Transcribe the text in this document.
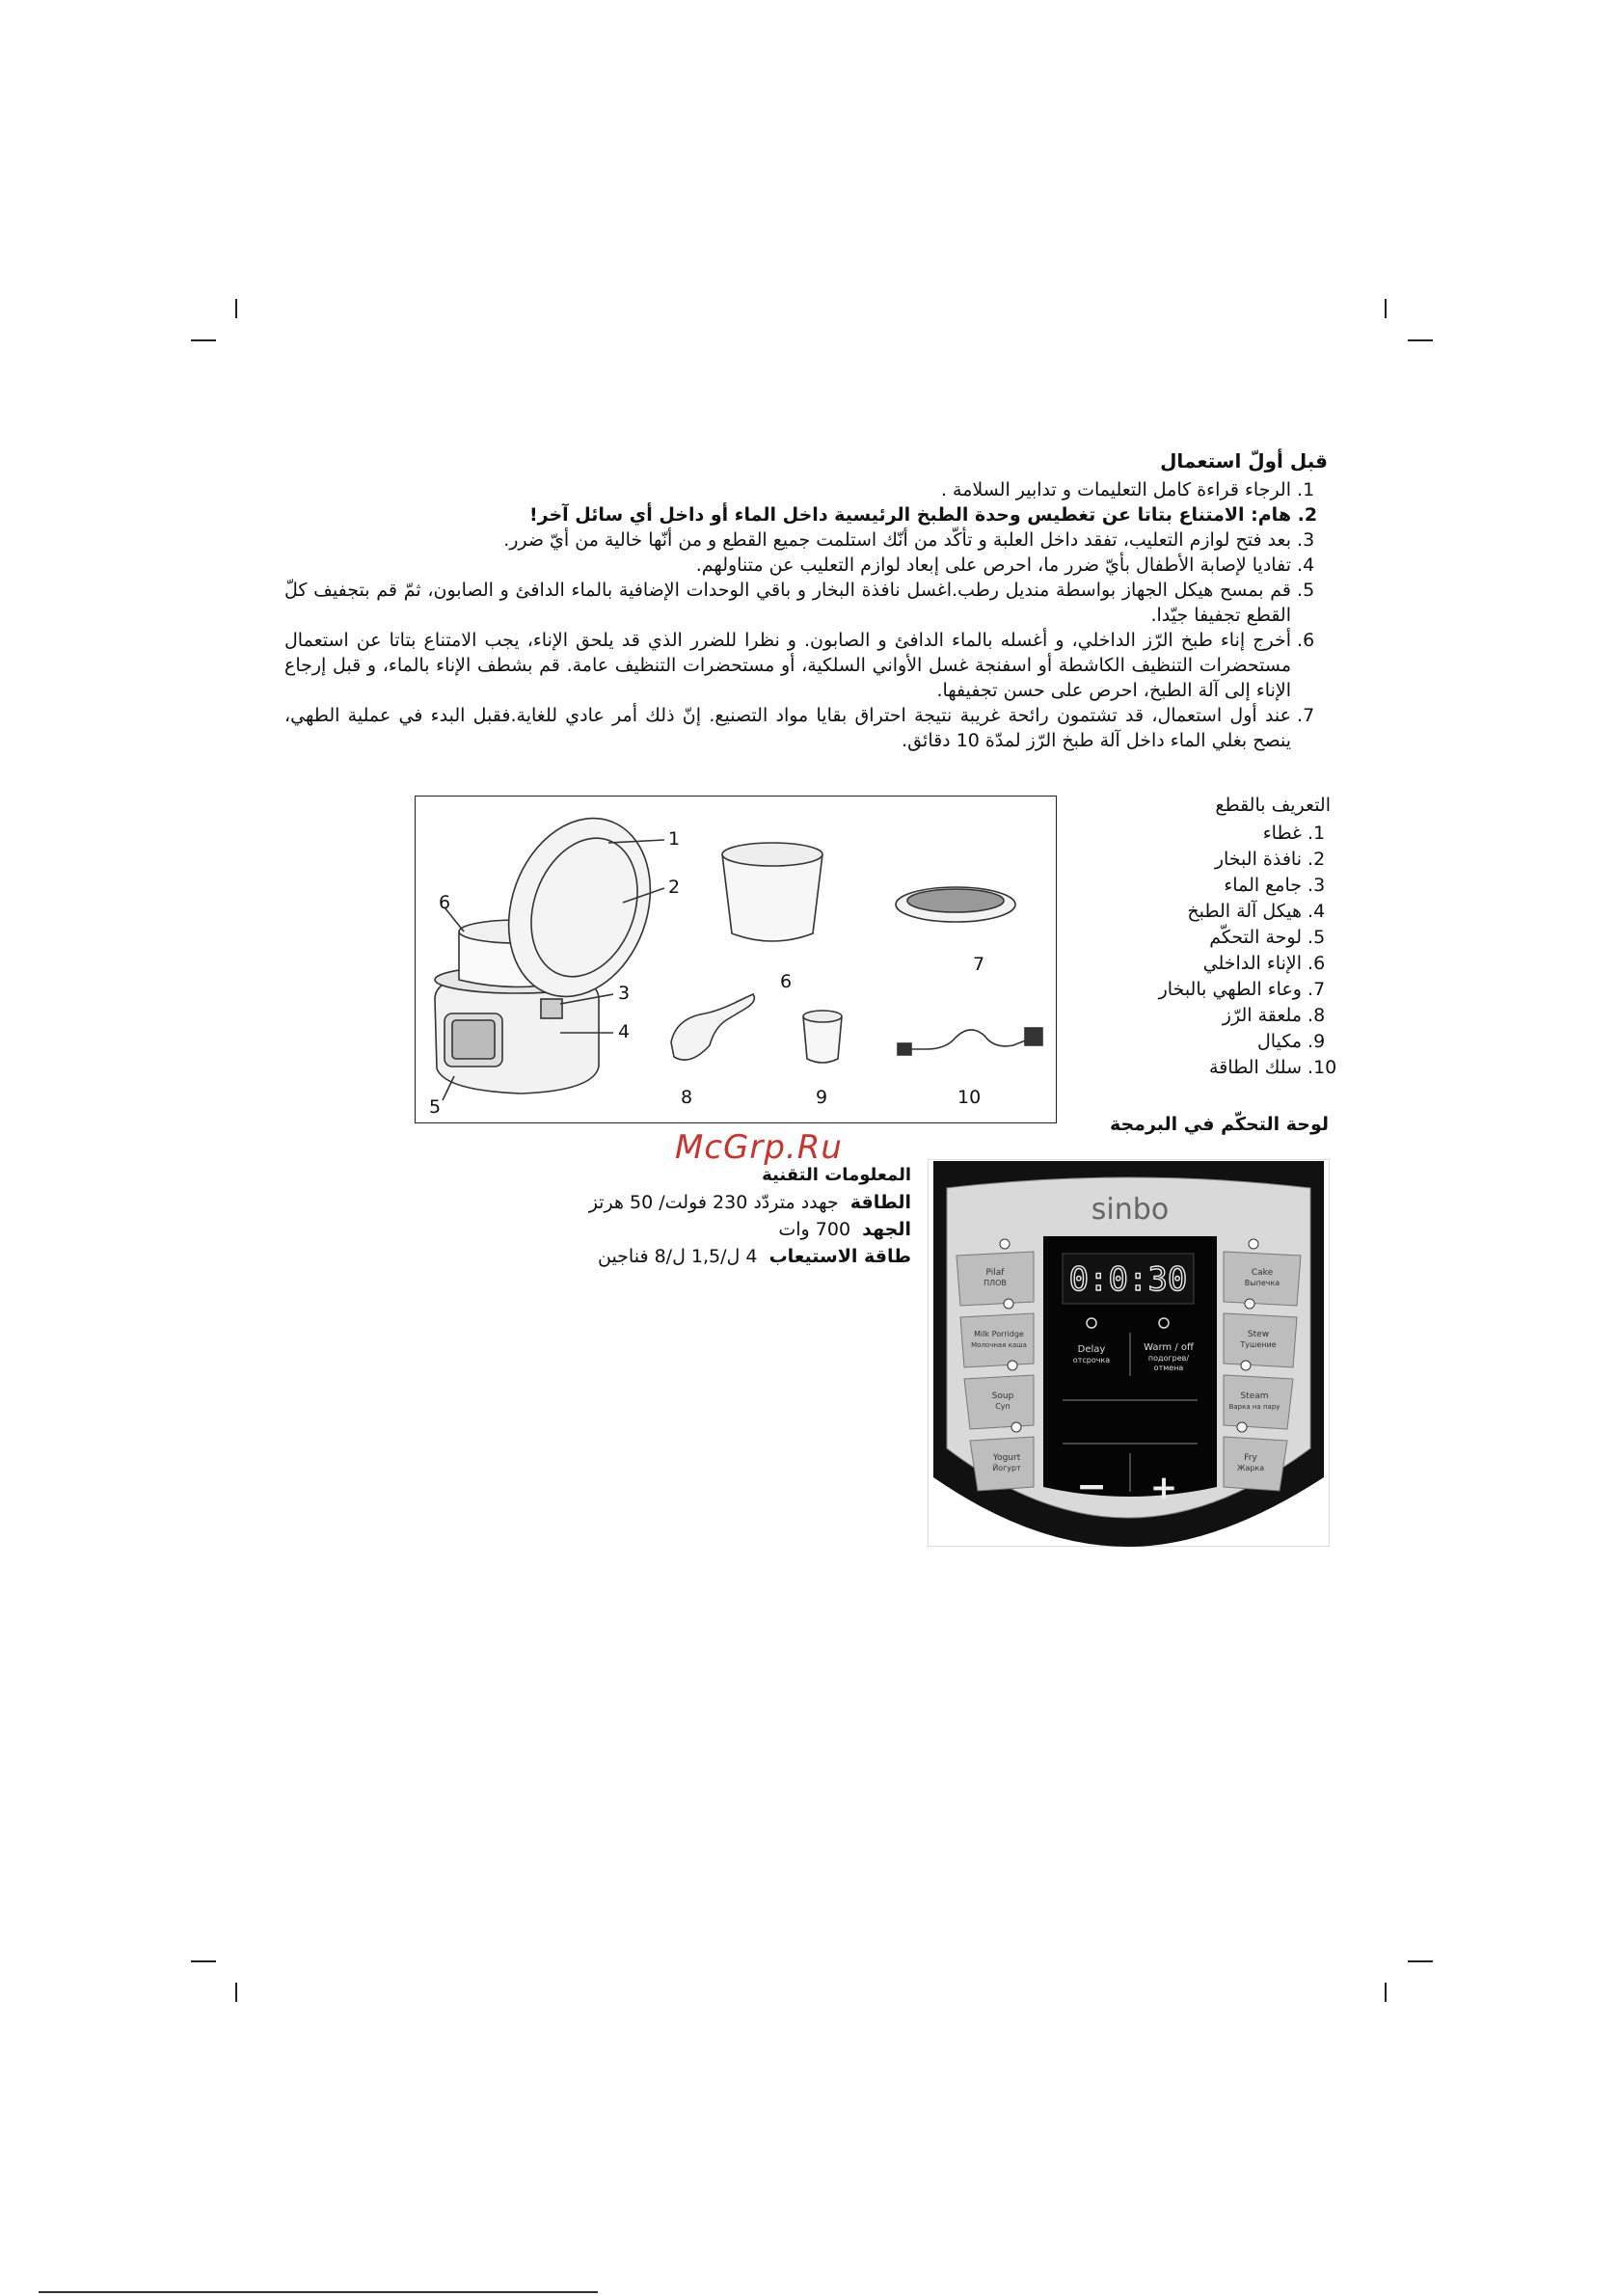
قبل أولّ استعمال
1. الرجاء قراءة كامل التعليمات و تدابير السلامة .
2. هام: الامتناع بتاتا عن تغطيس وحدة الطبخ الرئيسية داخل الماء أو داخل أي سائل آخر!
3. بعد فتح لوازم التعليب، تفقد داخل العلبة و تأكّد من أنّك استلمت جميع القطع و من أنّها خالية من أيّ ضرر.
4. تفاديا لإصابة الأطفال بأيّ ضرر ما، احرص على إبعاد لوازم التعليب عن متناولهم.
5. قم بمسح هيكل الجهاز بواسطة منديل رطب.اغسل نافذة البخار و باقي الوحدات الإضافية بالماء الدافئ و الصابون، ثمّ قم بتجفيف كلّ القطع تجفيفا جيّدا.
6. أخرج إناء طبخ الرّز الداخلي، و أغسله بالماء الدافئ و الصابون. و نظرا للضرر الذي قد يلحق الإناء، يجب الامتناع بتاتا عن استعمال مستحضرات التنظيف الكاشطة أو اسفنجة غسل الأواني السلكية، أو مستحضرات التنظيف عامة. قم بشطف الإناء بالماء، و قبل إرجاع الإناء إلى آلة الطبخ، احرص على حسن تجفيفها.
7. عند أول استعمال، قد تشتمون رائحة غريبة نتيجة احتراق بقايا مواد التصنيع. إنّ ذلك أمر عادي للغاية.فقبل البدء في عملية الطهي، ينصح بغلي الماء داخل آلة طبخ الرّز لمدّة 10 دقائق.
التعريف بالقطع
1. غطاء
2. نافذة البخار
3. جامع الماء
4. هيكل آلة الطبخ
5. لوحة التحكّم
6. الإناء الداخلي
7. وعاء الطهي بالبخار
8. ملعقة الرّز
9. مكيال
10. سلك الطاقة
1
2
3
4
5
6
6
7
8	9	10
لوحة التحكّم في البرمجة
McGrp.Ru
المعلومات التقنية
الطاقة  جهدد متردّد 230 فولت/ 50 هرتز
الجهد  700 وات
طاقة الاستيعاب  4 ل/1,5 ل/8 فناجين
0:0:30
sinbo
Delay
отсрочка
Warm / off
подогрев/
отмена
− +
Pilaf
ПЛОВ
Milk Porridge
Молочная каша
Soup
Суп
Yogurt
Йогурт
Cake
Выпечка
Stew
Тушение
Steam
Варка на пару
Fry
Жарка
